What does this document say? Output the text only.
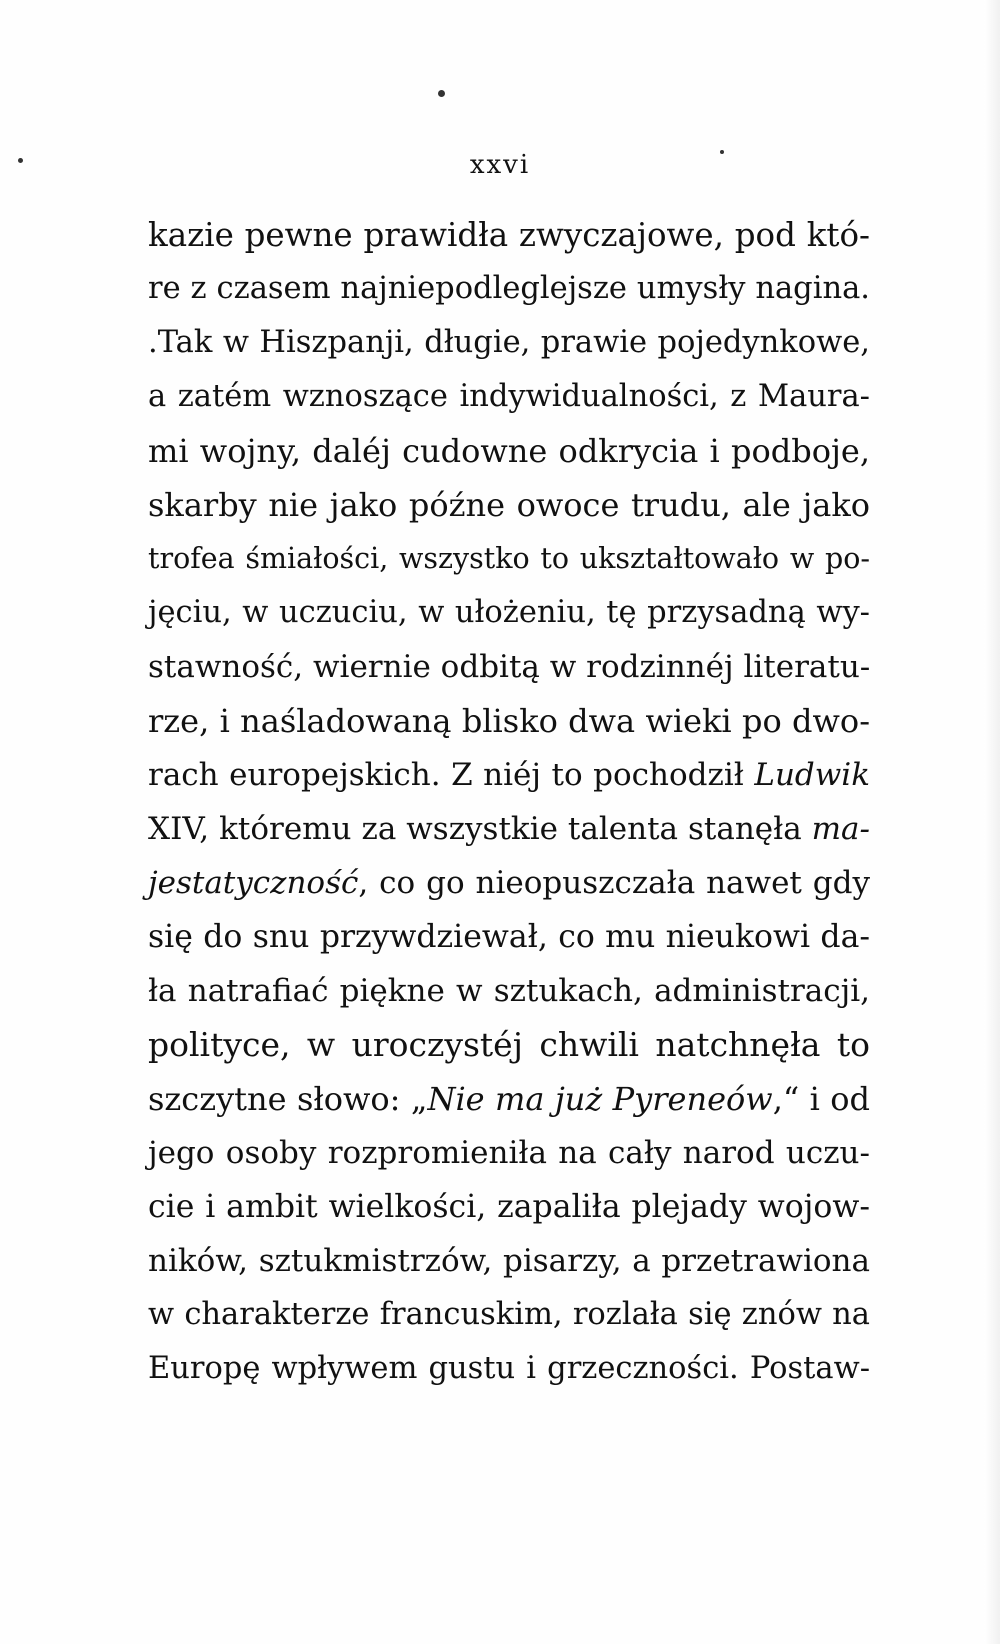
xxvi
kazie pewne prawidła zwyczajowe, pod któ-
re z czasem najniepodleglejsze umysły nagina.
.Tak w Hiszpanji, długie, prawie pojedynkowe,
a zatém wznoszące indywidualności, z Maura-
mi wojny, daléj cudowne odkrycia i podboje,
skarby nie jako późne owoce trudu, ale jako
trofea śmiałości, wszystko to ukształtowało w po-
jęciu, w uczuciu, w ułożeniu, tę przysadną wy-
stawność, wiernie odbitą w rodzinnéj literatu-
rze, i naśladowaną blisko dwa wieki po dwo-
rach europejskich. Z niéj to pochodził Ludwik
XIV, któremu za wszystkie talenta stanęła ma-
jestatyczność, co go nieopuszczała nawet gdy
się do snu przywdziewał, co mu nieukowi da-
ła natrafiać piękne w sztukach, administracji,
polityce, w uroczystéj chwili natchnęła to
szczytne słowo: „Nie ma już Pyreneów,“ i od
jego osoby rozpromieniła na cały narod uczu-
cie i ambit wielkości, zapaliła plejady wojow-
ników, sztukmistrzów, pisarzy, a przetrawiona
w charakterze francuskim, rozlała się znów na
Europę wpływem gustu i grzeczności. Postaw-
